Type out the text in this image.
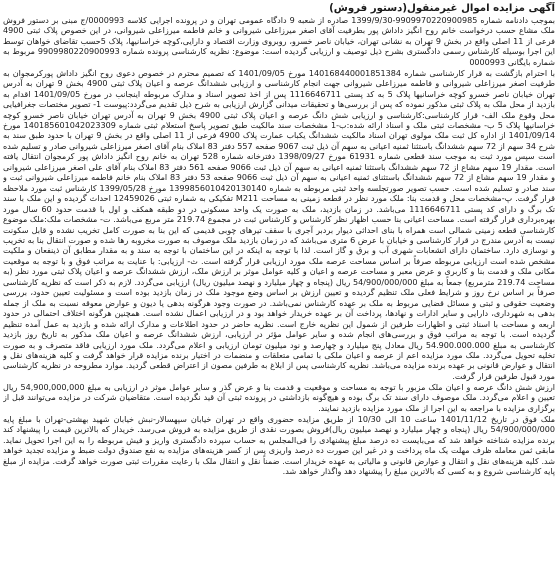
آگهی مزایده اموال غیرمنقول(دستور فروش)

بموجب دادنامه شماره 9909970220900985-1399/9/30 صادره از شعبه 9 دادگاه عمومی تهران و در پرونده اجرایی کلاسه 0000993/ج مبنی بر دستور فروش ملک مشاع حسب درخواست خانم روح انگیز داداش پور بطرفیت آقای اصغر میرزاعلی شیروانی و خانم فاطمه میرزاعلی شیروانی، در این خصوص پلاک ثبتی 4900 فرعی از 11 اصلی واقع در بخش 9 تهران به نشانی تهران، خیابان ناصر خسرو، روبروی وزارت اقتصاد و دارایی،کوچه خراسانیها، پلاک 5حسب تقاضای خواهان توسط این اجرا بوسیله کارشناس رسمی دادگستری بشرح ذیل توصیف و ارزیابی گردیده است: موضوع: نظریه کارشناسی پرونده شماره 9909980220900993 مربوط به شماره بایگانی 0000993

با احترام بازگشت به قرار کارشناسی شماره 140168440001851384 مورخ 1401/09/05 که تصمیم محترم در خصوص دعوی روح انگیز داداش پورکرمجوان به طرفیت اصغر میرزاعلی شیروانی و فاطمه میرزاعلی شیروانی جهت انجام کارشناسی و ارزیابی ششدانگ عرصه و اعیان پلاک ثبتی 4900 بخش 9 تهران به آدرس تهران خیابان ناصر خسرو کوچه خراسانیها پلاک 5 به کد پستی 1116646711 پس از اخذ تصویر اسناد و مدارک مربوطه اینجانب در مورخ 1401/09/05 اقدام به بازدید از محل ملک به پلاک ثبتی مذکور نموده که پس از بررسی‌ها و تحقیقات میدانی گزارش ارزیابی به شرح ذیل تقدیم می‌گردد:پیوست 1- تصویر مختصات جغرافیایی محل وقوع ملک الف- قرار کارشناسی:کارشناسی و ارزیابی شش دانگ عرصه و اعیان پلاک ثبتی 4900 بخش 9 تهران به آدرس تهران خیابان ناصر خسرو کوچه خراسانیها پلاک 5 ب- مشخصات ثبتی ملک و اسناد ارائه شده:ب-1 مشخصات سند مالکیت طبق تصویر پاسخ استعلام ثبتی شماره 140185601042023309 مورخ 1401/09/14 از اداره کل ثبت ملک مولوی تهران اسناد مالکیت ششدانگ یکباب عمارت پلاک 4900 فرعی از 11 اصلی واقع در بخش 9 تهران با حدود طبق سند به شرح 34 سهم از 72 سهم ششدانگ باستثنا ثمنیه اعیانی به سهم آن ذیل ثبت 9067 صفحه 557 دفتر 83 املاک بنام آقای اصغر میرزاعلی شیروانی صادر و تسلیم شده است سپس مورد ثبت به موجب سند قطعی شماره 61931 مورخ 1398/09/27 دفترخانه شماره 528 تهران به خانم روح انگیز داداش پور کرمجوان انتقال یافته است. مقدار 19 سهم مشاع از 72 سهم ششدانگ باستثنا ثمنیه اعیانی به سهم آن ذیل ثبت 9066 صفحه 561 دفتر 83 املاک بنام آقای علی اصغر میرزاعلی شیروانی و مقدار 19 سهم مشاع از 72 سهم ششدانگ باستثنای ثمنیه اعیانی به سهم آن ذیل ثبت 9066 صفحه 53 دفتر 83 املاک بنام خانم فاطمه میرزاعلی شیروانی ثبت و سند صادر و تسلیم شده است. حسب تصویر صورتجلسه واحد ثبتی مربوطه به شماره 1399856010420130140 مورخ 1399/05/28 کارشناس ثبت مورد ملاحظه قرار گرفت. پ-مشخصات محل و قدمت بنا: ملک مورد نظر در قطعه زمینی به مساحت M211 تفکیکی به شماره ثبتی 12459026 احداث گردیده و این ملک با سند تک برگ و دارای کد پستی 1116646711 می‌باشد. در زمان بازدید، ملک به صورت یک واحد مسکونی در دو طبقه همکف و اول با قدمت حدود 60 سال مورد بهره‌برداری قرار گرفته است. مساحت اعیانی بنا حسب اظهار نظر کارشناس و کارشناس ثبت در مجموع 219.74 متر مربع می‌باشد. ت- مشخصات ملک:ملک موضوع کارشناسی قطعه زمینی شمالی است همراه با بنای احداثی دیوار بردبر آجری با سقف تیرهای چوبی قدیمی که این بنا به صورت کامل تخریب نشده و قابل سکونت نیست به آدرس مندرج در قرار کارشناسی و خیابان با عرض 6 متری می‌باشد که در زمان بازدید ملک موصوف به صورت مخروبه رها شده و صورت انتقال بنا به تخریب و نوسازی دارد. ساختمان دارای انشعابات شهری آب و برق و گاز است. لذا با توجه به اینکه در این ساختمان با توجه به سند و به مقدار مطابق آن ذینفعان و ملکیت مشخص شده است ارزیابی مربوطه صرفاً بر اساس مساحت عرصه ملک مورد ارزیابی قرار گرفته است. ث- ارزیابی: با عنایت به مراتب فوق و با توجه به موقعیت مکانی ملک و قدمت بنا و کاربری و عرض معبر و مساحت عرصه و اعیان و کلیه عوامل موثر بر ارزش ملک، ارزش ششدانگ عرصه و اعیان پلاک ثبتی مورد نظر (به مساحت 219.74 مترمربع) جمعاً به مبلغ 54/900/000/000 ریال (پنجاه و چهار میلیارد و نهصد میلیون ریال) ارزیابی می‌گردد. لازم به ذکر است که نظریه کارشناسی صرفاً بر اساس نرخ روز و شرایط فعلی ملک تنظیم گردیده و تعیین ارزش بر اساس وضع موجود ملک در زمان بازدید بوده است و مسئولیت تعیین حدود، بررسی وضعیت حقوقی و ثبتی و مسائل قضایی مربوط به ملک بر عهده کارشناس نمی‌باشد. در صورت وجود هرگونه بدهی یا دیون و عوارض معوقه نسبت به ملک از جمله بدهی به شهرداری، دارایی و سایر ادارات و نهادها، پرداخت آن بر عهده خریدار خواهد بود و در ارزیابی اعمال نشده است. همچنین هرگونه اختلاف احتمالی در حدود اربعه و مساحت با اسناد ثبتی و اظهارات طرفین از شمول این نظریه خارج است. نظریه حاضر در حدود اطلاعات و مدارک ارائه شده و بازدید به عمل آمده تنظیم گردیده است. با توجه به مراتب فوق و بررسی‌های انجام شده و سایر عوامل مؤثر در ارزیابی، ارزش ششدانگ عرصه و اعیان ملک مذکور به تاریخ روز بازدید کارشناسی به مبلغ 54.900.000.000 ریال معادل پنج میلیارد و چهارصد و نود میلیون تومان ارزیابی و اعلام می‌گردد. ملک مورد ارزیابی فاقد متصرف و به صورت تخلیه تحویل می‌گردد. ملک مورد مزایده اعم از عرصه و اعیان ملکی با تمامی متعلقات و منضمات در اختیار برنده مزایده قرار خواهد گرفت و کلیه هزینه‌های نقل و انتقال و عوارض قانونی بر عهده برنده مزایده می‌باشد. نظریه کارشناسی پس از ابلاغ به طرفین مصون از اعتراض قطعی گردید. موارد مطروحه در نظریه کارشناسی مورد قبول طرفین قرار گرفت.

ارزش شش دانگ عرصه و اعیان ملک مزبور با توجه به مساحت و موقعیت و قدمت بنا و عرض گذر و سایر عوامل موثر در ارزیابی به مبلغ 54,900,000,000 ریال تعیین و اعلام می‌گردد. ملک موصوف دارای سند تک برگ بوده و هیچ‌گونه بازداشتی در پرونده ثبتی آن قید نگردیده است. متقاضیان شرکت در مزایده می‌توانند قبل از برگزاری مزایده با مراجعه به این اجرا از ملک مورد مزایده بازدید نمایند.

ملک فوق در تاریخ 1401/11/12 ساعت 10 الی 10/30 از طریق مزایده حضوری واقع در تهران خیابان سپهسالار-نبش خیابان شهید بهشتی-تهران با مبلغ پایه 54/900/000/000 ریال (پنجاه و چهار میلیارد و نهصد میلیون ریال)فروش بصورت نقدی از طریق مزایده به فروش می‌رسد. خریدار که بالاترین قیمت را پیشنهاد کند برنده مزایده شناخته خواهد شد که می‌بایست ده درصد مبلغ پیشنهادی را فی‌المجلس به حساب سپرده دادگستری واریز و فیش مربوطه را به این اجرا تحویل نماید. مابقی ثمن معامله ظرف مهلت یک ماه پرداخت و در غیر این صورت ده درصد واریزی پس از کسر هزینه‌های مزایده به نفع صندوق دولت ضبط و مزایده تجدید خواهد شد. کلیه هزینه‌های نقل و انتقال و عوارض قانونی و مالیاتی به عهده خریدار است. ضمناً نقل و انتقال ملک با رعایت مقررات ثبتی صورت خواهد گرفت. مزایده از مبلغ پایه کارشناسی شروع و به کسی که بالاترین مبلغ را پیشنهاد دهد واگذار خواهد شد.
